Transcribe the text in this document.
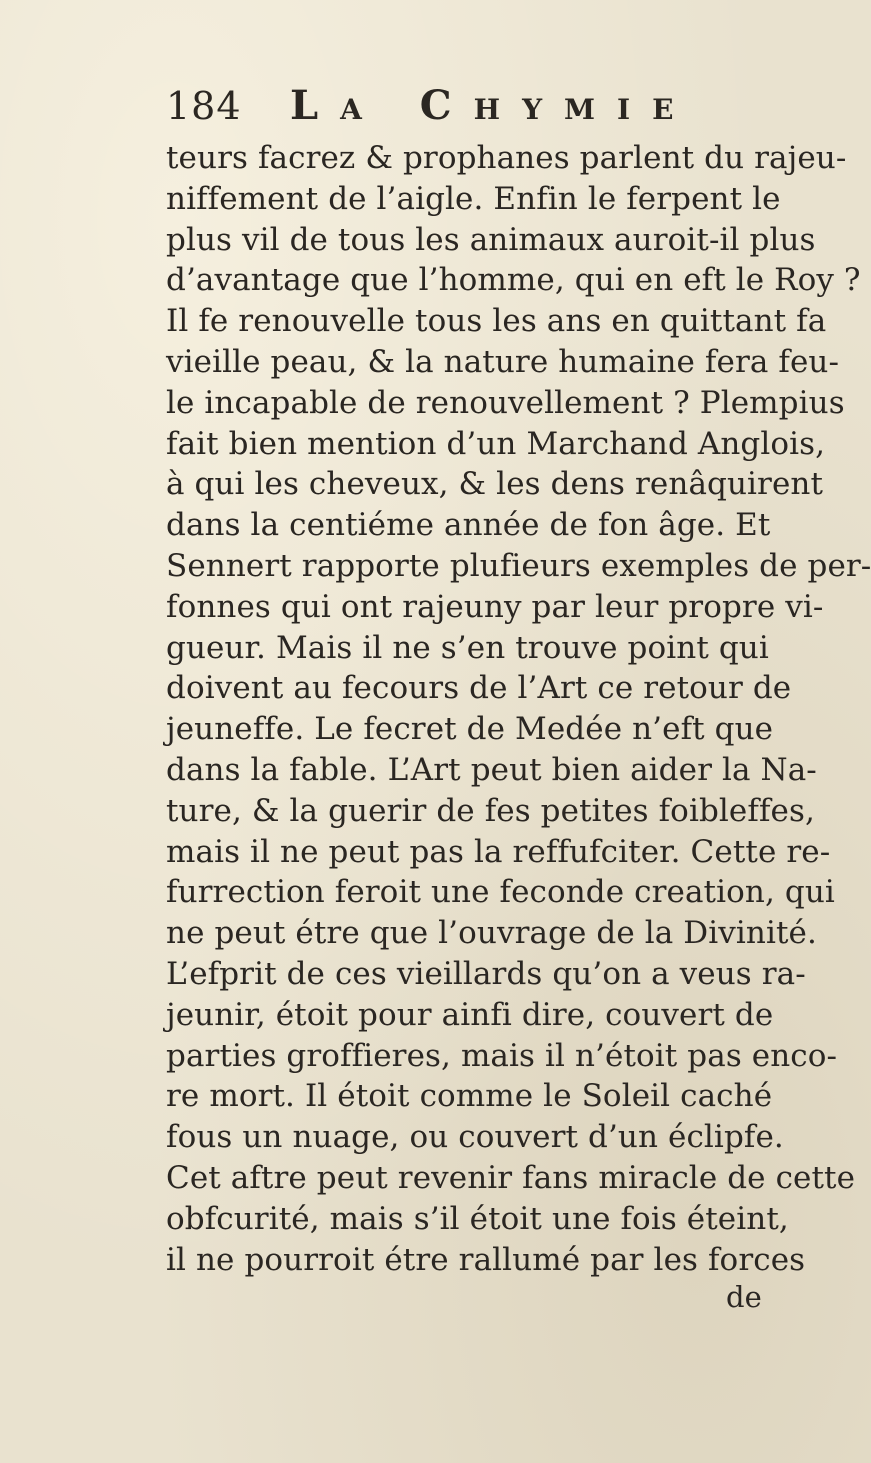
184 La Chymie
teurs facrez & prophanes parlent du rajeu-
niffement de l’aigle. Enfin le ferpent le
plus vil de tous les animaux auroit-il plus
d’avantage que l’homme, qui en eft le Roy ?
Il fe renouvelle tous les ans en quittant fa
vieille peau, & la nature humaine fera feu-
le incapable de renouvellement ? Plempius
fait bien mention d’un Marchand Anglois,
à qui les cheveux, & les dens renâquirent
dans la centiéme année de fon âge. Et
Sennert rapporte plufieurs exemples de per-
fonnes qui ont rajeuny par leur propre vi-
gueur. Mais il ne s’en trouve point qui
doivent au fecours de l’Art ce retour de
jeuneffe. Le fecret de Medée n’eft que
dans la fable. L’Art peut bien aider la Na-
ture, & la guerir de fes petites foibleffes,
mais il ne peut pas la reffufciter. Cette re-
furrection feroit une feconde creation, qui
ne peut étre que l’ouvrage de la Divinité.
L’efprit de ces vieillards qu’on a veus ra-
jeunir, étoit pour ainfi dire, couvert de
parties groffieres, mais il n’étoit pas enco-
re mort. Il étoit comme le Soleil caché
fous un nuage, ou couvert d’un éclipfe.
Cet aftre peut revenir fans miracle de cette
obfcurité, mais s’il étoit une fois éteint,
il ne pourroit étre rallumé par les forces
de
